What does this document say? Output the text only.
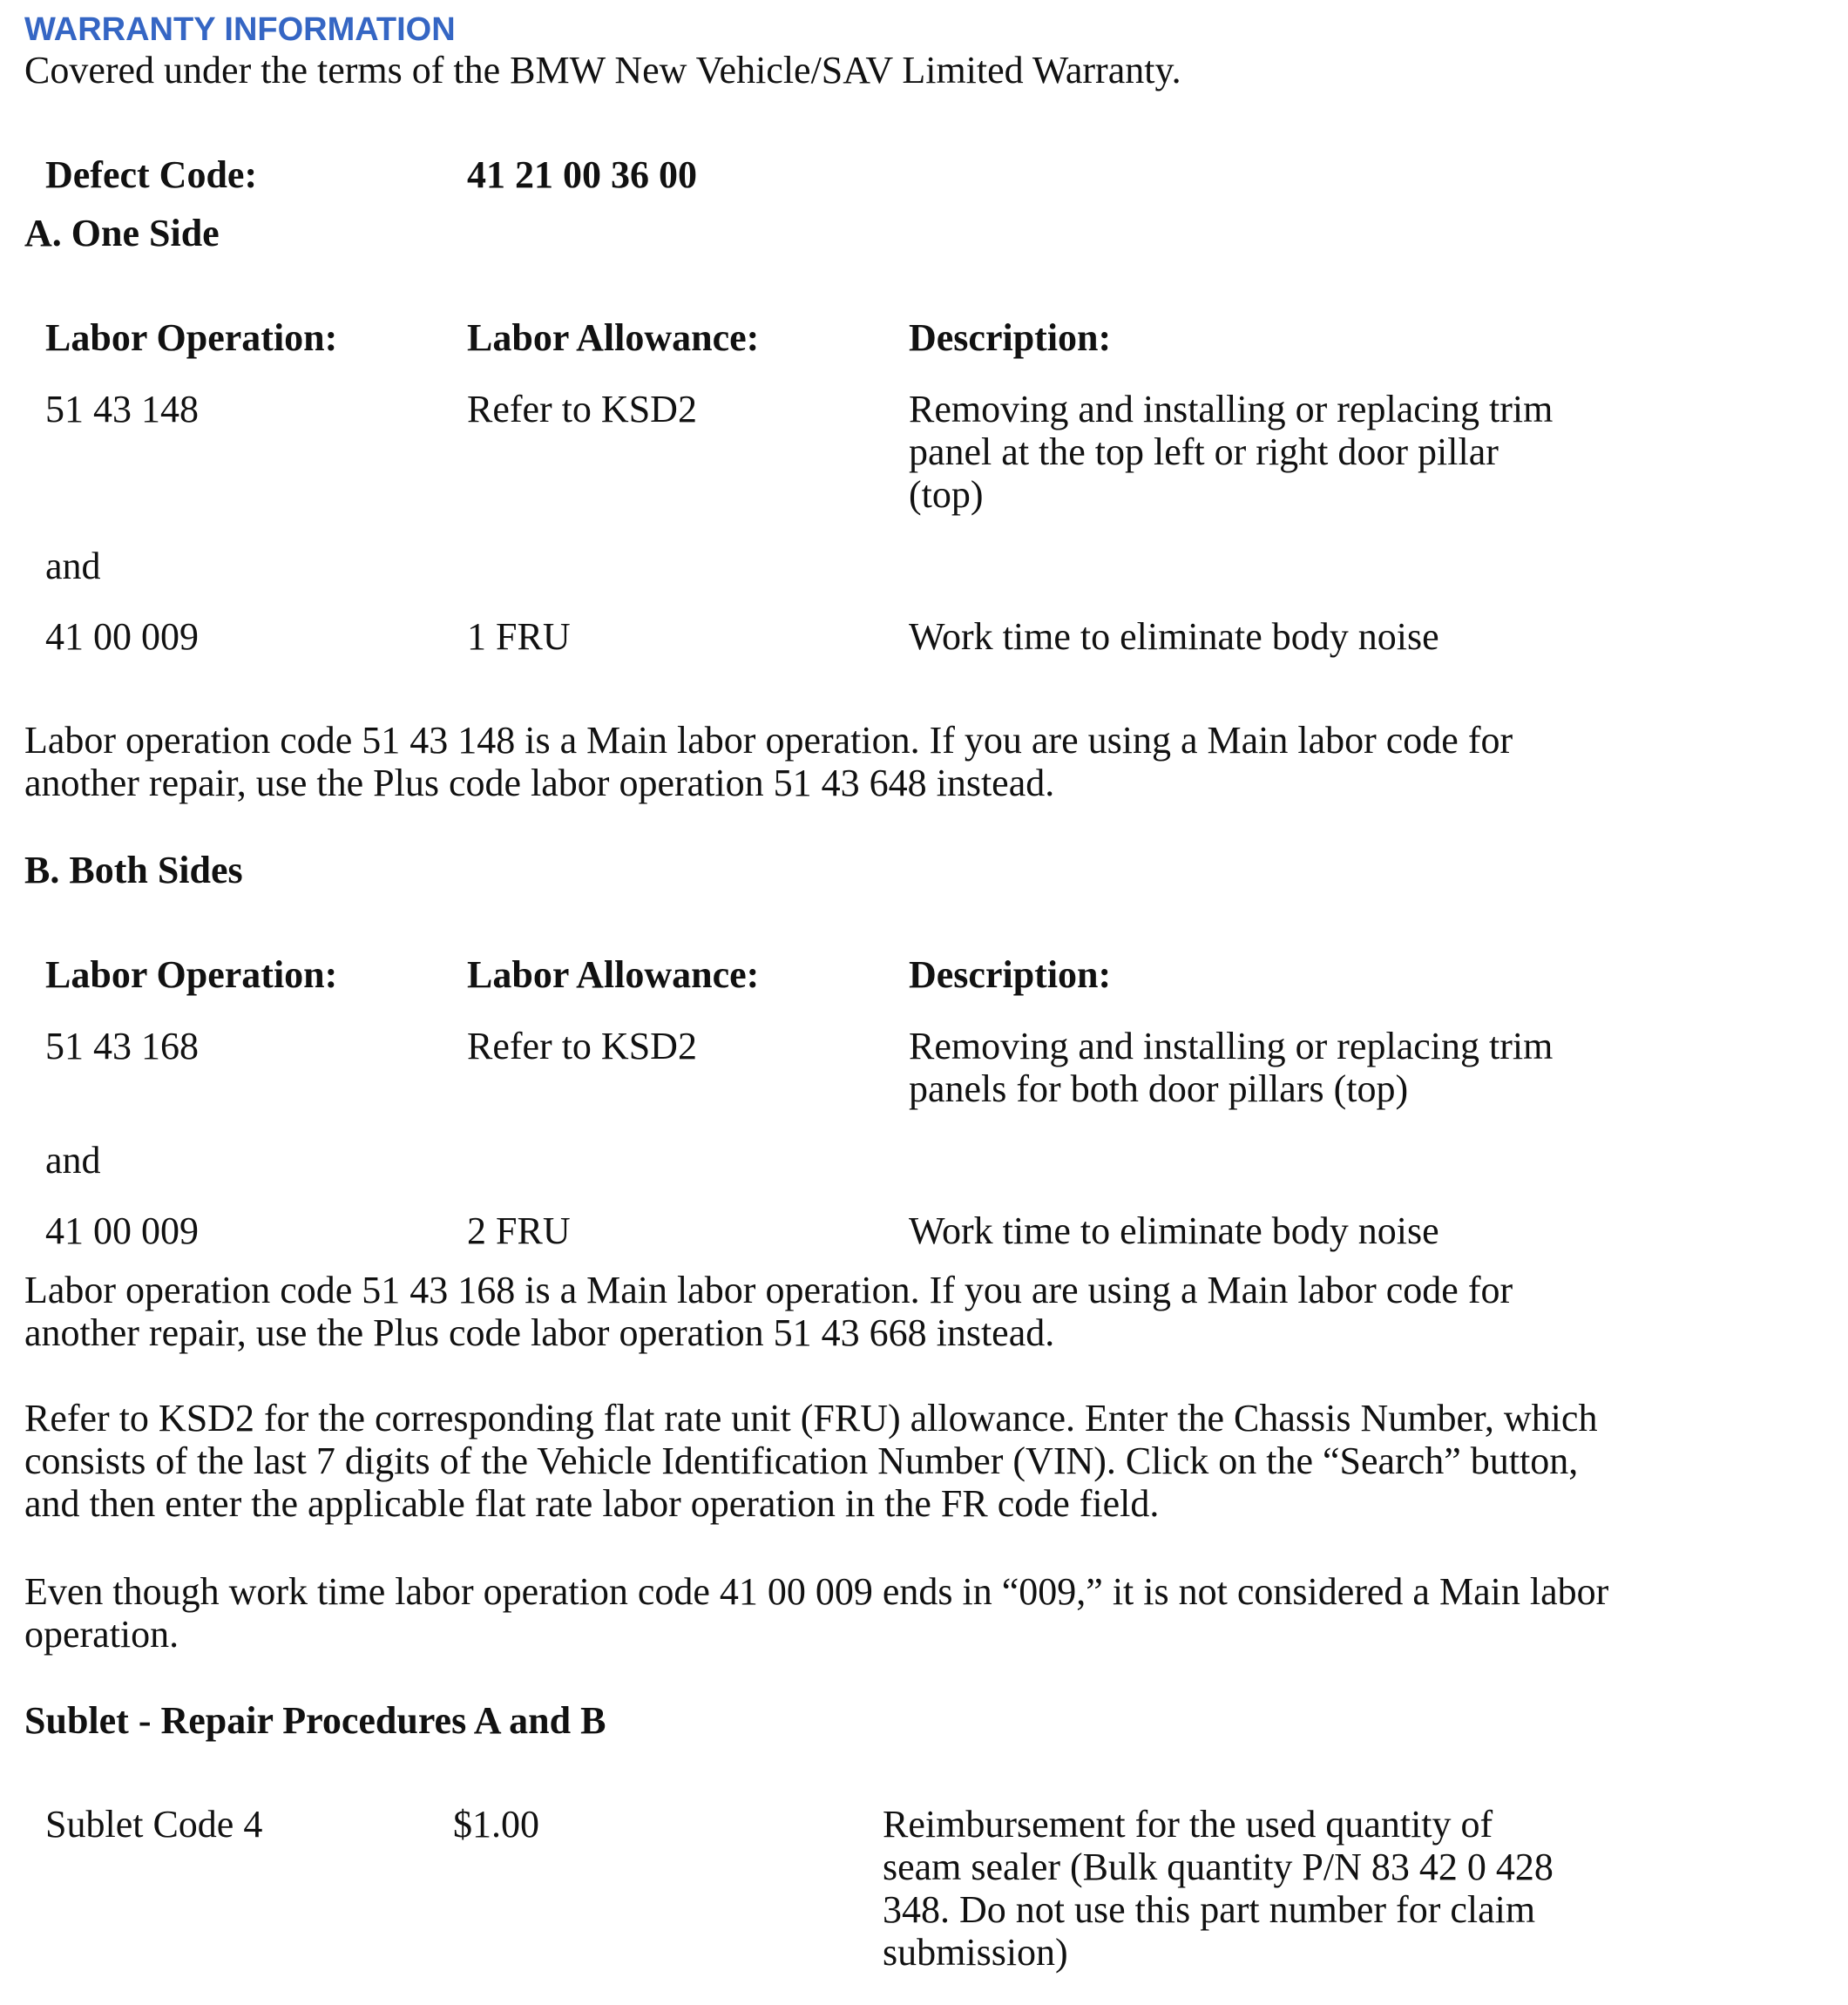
WARRANTY INFORMATION
Covered under the terms of the BMW New Vehicle/SAV Limited Warranty.
Defect Code:	41 21 00 36 00
A. One Side
Labor Operation:	Labor Allowance:	Description:
51 43 148	Refer to KSD2	Removing and installing or replacing trim
panel at the top left or right door pillar
(top)
and
41 00 009	1 FRU	Work time to eliminate body noise
Labor operation code 51 43 148 is a Main labor operation. If you are using a Main labor code for
another repair, use the Plus code labor operation 51 43 648 instead.
B. Both Sides
Labor Operation:	Labor Allowance:	Description:
51 43 168	Refer to KSD2	Removing and installing or replacing trim
panels for both door pillars (top)
and
41 00 009	2 FRU	Work time to eliminate body noise
Labor operation code 51 43 168 is a Main labor operation. If you are using a Main labor code for
another repair, use the Plus code labor operation 51 43 668 instead.
Refer to KSD2 for the corresponding flat rate unit (FRU) allowance. Enter the Chassis Number, which
consists of the last 7 digits of the Vehicle Identification Number (VIN). Click on the “Search” button,
and then enter the applicable flat rate labor operation in the FR code field.
Even though work time labor operation code 41 00 009 ends in “009,” it is not considered a Main labor
operation.
Sublet - Repair Procedures A and B
Sublet Code 4	$1.00	Reimbursement for the used quantity of
seam sealer (Bulk quantity P/N 83 42 0 428
348. Do not use this part number for claim
submission)
